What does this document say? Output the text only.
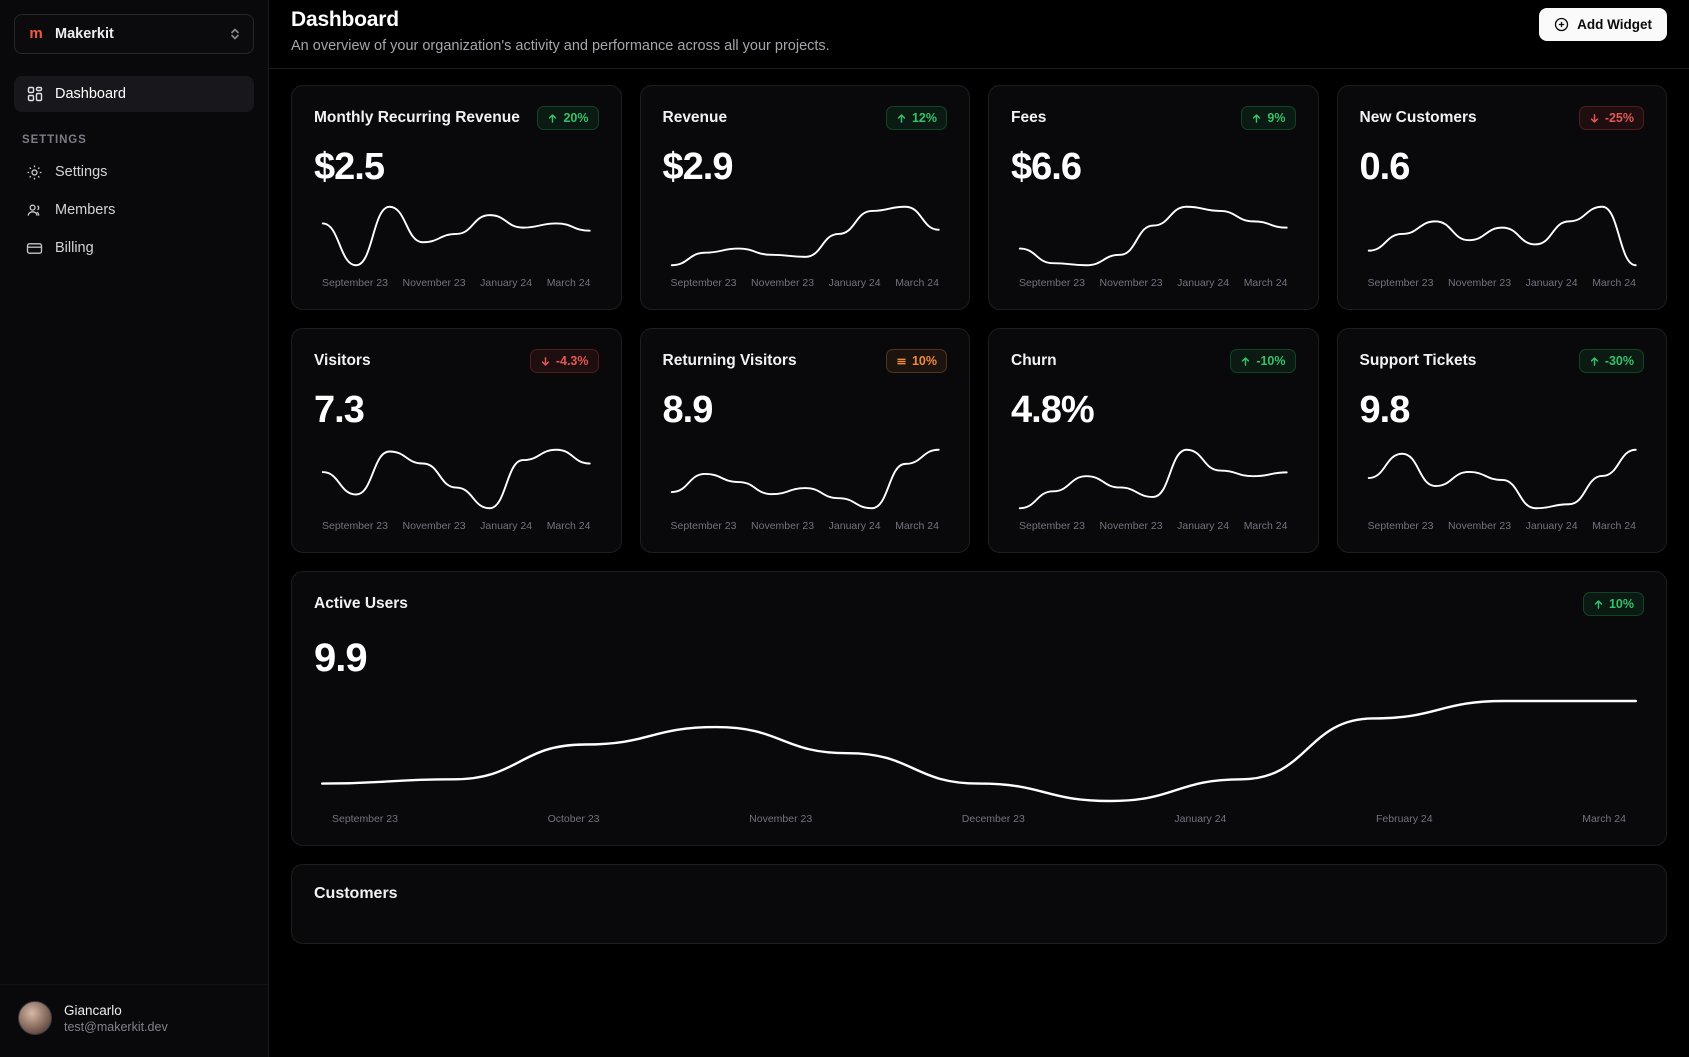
m Makerkit
Dashboard
SETTINGS
Settings
Members
Billing
Giancarlo
test@makerkit.dev
Dashboard
An overview of your organization's activity and performance across all your projects.
Add Widget
Monthly Recurring Revenue	20%
$2.5
September 23 November 23 January 24 March 24
Revenue	12%
$2.9
September 23 November 23 January 24 March 24
Fees	9%
$6.6
September 23 November 23 January 24 March 24
New Customers	-25%
0.6
September 23 November 23 January 24 March 24
Visitors	-4.3%
7.3
September 23 November 23 January 24 March 24
Returning Visitors	10%
8.9
September 23 November 23 January 24 March 24
Churn	-10%
4.8%
September 23 November 23 January 24 March 24
Support Tickets	-30%
9.8
September 23 November 23 January 24 March 24
Active Users	10%
9.9
September 23	October 23	November 23	December 23	January 24	February 24	March 24
Customers
